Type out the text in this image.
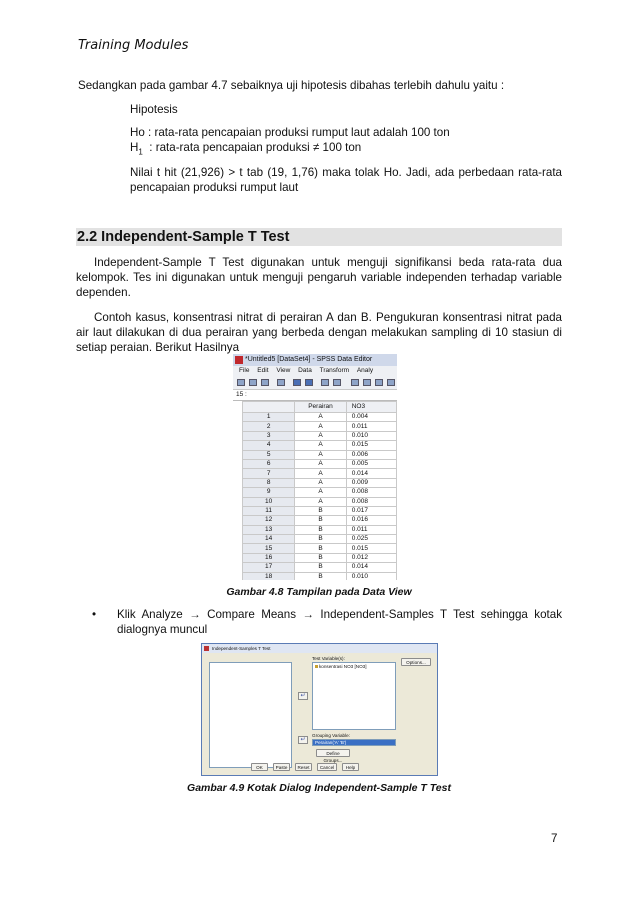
Training Modules
Sedangkan pada gambar 4.7 sebaiknya uji hipotesis dibahas terlebih dahulu yaitu :
Hipotesis
Ho : rata-rata pencapaian produksi rumput laut adalah 100 ton
$H_1$  : rata-rata pencapaian produksi ≠ 100 ton
Nilai t hit (21,926) > t tab (19, 1,76) maka tolak Ho. Jadi, ada perbedaan rata-rata pencapaian produksi rumput laut
2.2 Independent-Sample T Test
Independent-Sample T Test digunakan untuk menguji signifikansi beda rata-rata dua kelompok. Tes ini digunakan untuk menguji pengaruh variable independen terhadap variable dependen.
Contoh kasus, konsentrasi nitrat di perairan A dan B. Pengukuran konsentrasi nitrat pada air laut dilakukan di dua perairan yang berbeda dengan melakukan sampling di 10 stasiun di setiap peraian. Berikut Hasilnya
*Untitled5 [DataSet4] - SPSS Data Editor
File Edit View Data Transform Analy
15 :
	Perairan	NO3
1	A	0.004
2	A	0.011
3	A	0.010
4	A	0.015
5	A	0.006
6	A	0.005
7	A	0.014
8	A	0.009
9	A	0.008
10	A	0.008
11	B	0.017
12	B	0.016
13	B	0.011
14	B	0.025
15	B	0.015
16	B	0.012
17	B	0.014
18	B	0.010

Gambar 4.8 Tampilan pada Data View
• Klik Analyze → Compare Means → Independent-Samples T Test sehingga kotak dialognya muncul
Independent-Samples T Test
↵
Test Variable(s):
konsentrasi NO3 [NO3]
Options...
↵
Grouping Variable:
Perairan('A' 'B')
Define Groups...
OK	Paste	Reset	Cancel	Help
Gambar 4.9 Kotak Dialog Independent-Sample T Test
7
